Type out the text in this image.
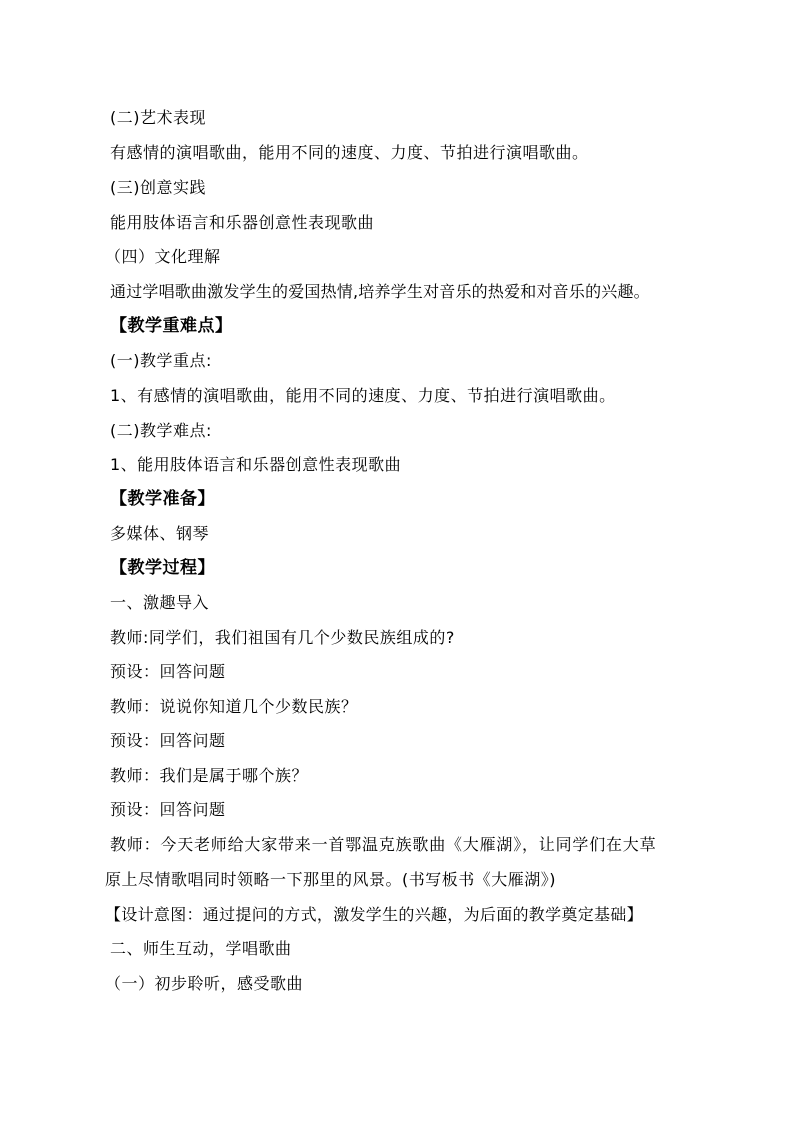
(二)艺术表现
有感情的演唱歌曲，能用不同的速度、力度、节拍进行演唱歌曲。
(三)创意实践
能用肢体语言和乐器创意性表现歌曲
（四）文化理解
通过学唱歌曲激发学生的爱国热情,培养学生对音乐的热爱和对音乐的兴趣。
【教学重难点】
(一)教学重点:
1、有感情的演唱歌曲，能用不同的速度、力度、节拍进行演唱歌曲。
(二)教学难点:
1、能用肢体语言和乐器创意性表现歌曲
【教学准备】
多媒体、钢琴
【教学过程】
一、激趣导入
教师:同学们，我们祖国有几个少数民族组成的?
预设：回答问题
教师：说说你知道几个少数民族？
预设：回答问题
教师：我们是属于哪个族？
预设：回答问题
教师：今天老师给大家带来一首鄂温克族歌曲《大雁湖》，让同学们在大草
原上尽情歌唱同时领略一下那里的风景。(书写板书《大雁湖》)
【设计意图：通过提问的方式，激发学生的兴趣，为后面的教学奠定基础】
二、师生互动，学唱歌曲
（一）初步聆听，感受歌曲
